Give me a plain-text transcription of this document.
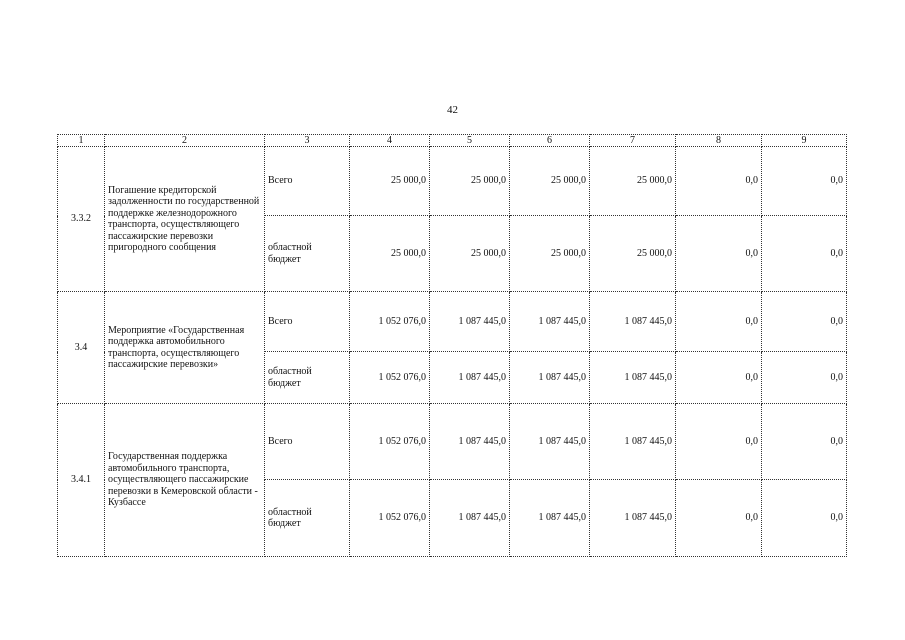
42
1	2	3	4	5	6	7	8	9
3.3.2	Погашение кредиторской задолженности по государственной поддержке железнодорожного транспорта, осуществляющего пассажирские перевозки пригородного сообщения	Всего	25 000,0	25 000,0	25 000,0	25 000,0	0,0	0,0
		областной бюджет	25 000,0	25 000,0	25 000,0	25 000,0	0,0	0,0
3.4	Мероприятие «Государственная поддержка автомобильного транспорта, осуществляющего пассажирские перевозки»	Всего	1 052 076,0	1 087 445,0	1 087 445,0	1 087 445,0	0,0	0,0
		областной бюджет	1 052 076,0	1 087 445,0	1 087 445,0	1 087 445,0	0,0	0,0
3.4.1	Государственная поддержка автомобильного транспорта, осуществляющего пассажирские перевозки в Кемеровской области - Кузбассе	Всего	1 052 076,0	1 087 445,0	1 087 445,0	1 087 445,0	0,0	0,0
		областной бюджет	1 052 076,0	1 087 445,0	1 087 445,0	1 087 445,0	0,0	0,0
